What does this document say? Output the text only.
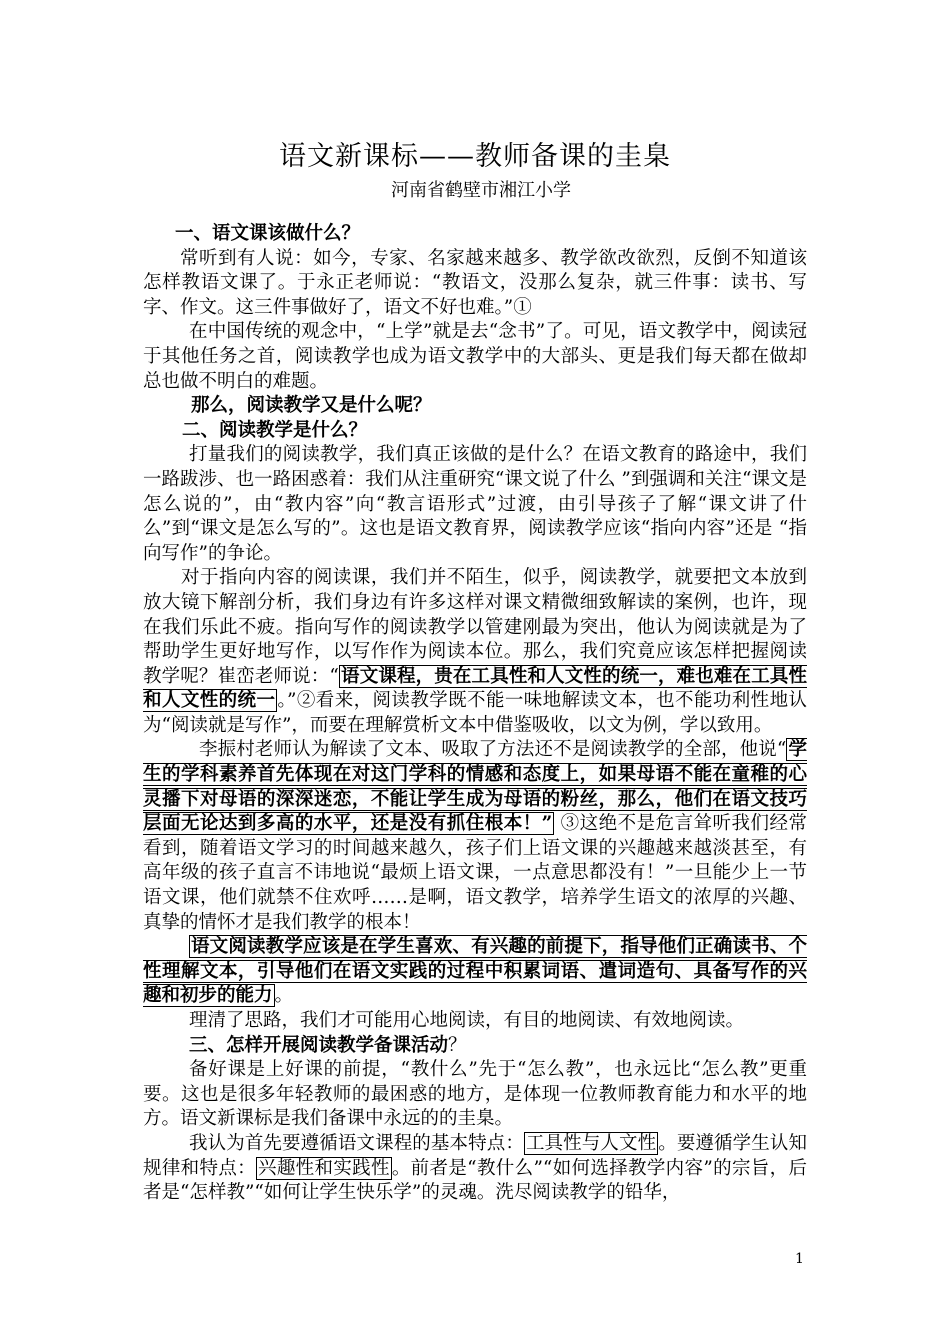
语文新课标——教师备课的圭臬
河南省鹤壁市湘江小学

一、语文课该做什么？

常听到有人说：如今，专家、名家越来越多、教学欲改欲烈，反倒不知道该怎样教语文课了。于永正老师说：“教语文，没那么复杂，就三件事：读书、写字、作文。这三件事做好了，语文不好也难。”①

在中国传统的观念中，“上学”就是去“念书”了。可见，语文教学中，阅读冠于其他任务之首，阅读教学也成为语文教学中的大部头、更是我们每天都在做却总也做不明白的难题。

那么，阅读教学又是什么呢？

二、阅读教学是什么？

打量我们的阅读教学，我们真正该做的是什么？在语文教育的路途中，我们一路跋涉、也一路困惑着：我们从注重研究“课文说了什么 ”到强调和关注“课文是怎么说的”，由“教内容”向“教言语形式”过渡，由引导孩子了解“课文讲了什么”到“课文是怎么写的”。这也是语文教育界，阅读教学应该“指向内容”还是 “指向写作”的争论。

对于指向内容的阅读课，我们并不陌生，似乎，阅读教学，就要把文本放到放大镜下解剖分析，我们身边有许多这样对课文精微细致解读的案例，也许，现在我们乐此不疲。指向写作的阅读教学以管建刚最为突出，他认为阅读就是为了帮助学生更好地写作，以写作作为阅读本位。那么，我们究竟应该怎样把握阅读教学呢？崔峦老师说：“ 语文课程，贵在工具性和人文性的统一，难也难在工具性和人文性的统一 。”②看来，阅读教学既不能一味地解读文本，也不能功利性地认为“阅读就是写作”，而要在理解赏析文本中借鉴吸收，以文为例，学以致用。

李振村老师认为解读了文本、吸取了方法还不是阅读教学的全部，他说“ 学生的学科素养首先体现在对这门学科的情感和态度上，如果母语不能在童稚的心灵播下对母语的深深迷恋，不能让学生成为母语的粉丝，那么，他们在语文技巧层面无论达到多高的水平，还是没有抓住根本！” ③这绝不是危言耸听我们经常看到，随着语文学习的时间越来越久，孩子们上语文课的兴趣越来越淡甚至，有高年级的孩子直言不讳地说“最烦上语文课，一点意思都没有！”一旦能少上一节语文课，他们就禁不住欢呼……是啊，语文教学，培养学生语文的浓厚的兴趣、真挚的情怀才是我们教学的根本！

语文阅读教学应该是在学生喜欢、有兴趣的前提下，指导他们正确读书、个性理解文本，引导他们在语文实践的过程中积累词语、遣词造句、具备写作的兴趣和初步的能力 。

理清了思路，我们才可能用心地阅读，有目的地阅读、有效地阅读。

三、怎样开展阅读教学备课活动？

备好课是上好课的前提，“教什么”先于“怎么教”，也永远比“怎么教”更重要。这也是很多年轻教师的最困惑的地方，是体现一位教师教育能力和水平的地方。语文新课标是我们备课中永远的的圭臬。

我认为首先要遵循语文课程的基本特点： 工具性与人文性 。要遵循学生认知规律和特点： 兴趣性和实践性 。前者是“教什么”“如何选择教学内容”的宗旨，后者是“怎样教”“如何让学生快乐学”的灵魂。洗尽阅读教学的铅华，

1
